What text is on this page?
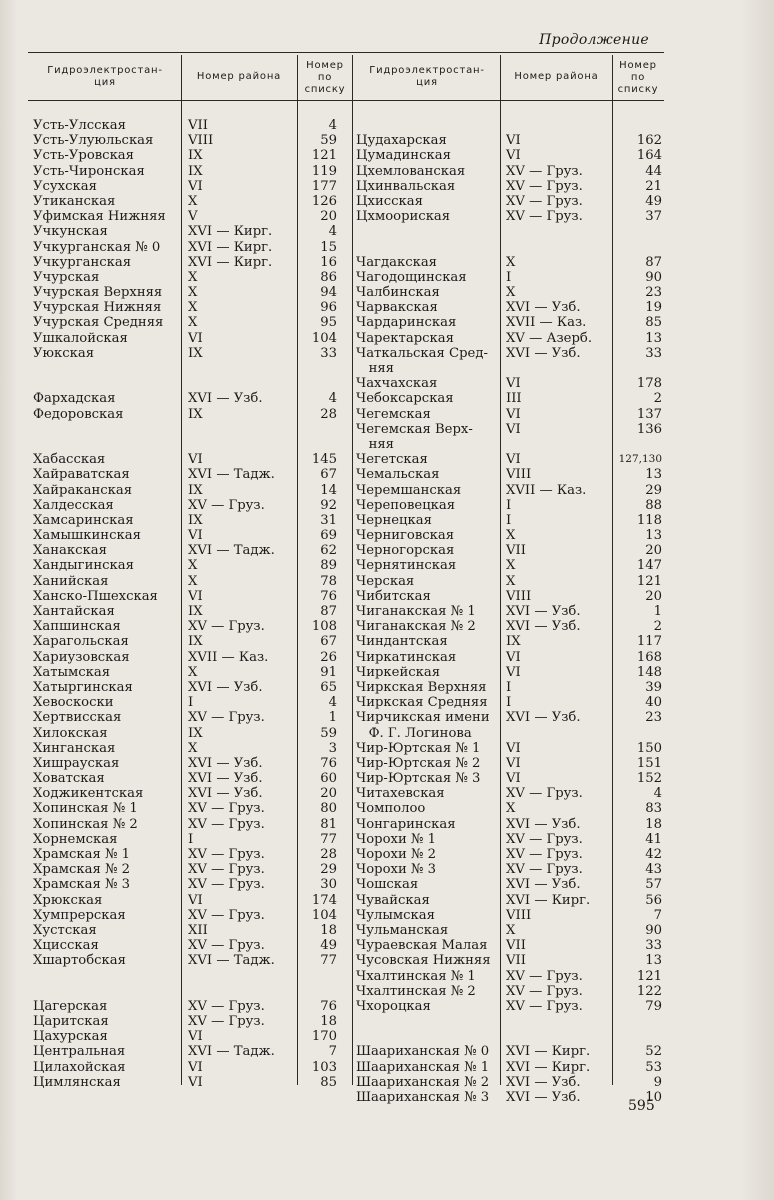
Продолжение
Гидроэлектростан-
ция
Номер района
Номер
по
списку
Гидроэлектростан-
ция
Номер района
Номер
по
списку
Усть-Улсская	VII	4
Усть-Улуюльская	VIII	59
Усть-Уровская	IX	121
Усть-Чиронская	IX	119
Усухская	VI	177
Утиканская	X	126
Уфимская Нижняя V	20
Учкунская	XVI — Кирг.	4
Учкурганская № 0 XVI — Кирг.	15
Учкурганская	XVI — Кирг.	16
Учурская	X	86
Учурская Верхняя X	94
Учурская Нижняя X	96
Учурская Средняя X	95
Ушкалойская	VI	104
Уюкская	IX	33
Фархадская	XVI — Узб.	4
Федоровская	IX	28
Хабасская	VI	145
Хайраватская	XVI — Тадж.	67
Хайраканская	IX	14
Халдесская	XV — Груз.	92
Хамсаринская	IX	31
Хамышкинская	VI	69
Ханакская	XVI — Тадж.	62
Хандыгинская	X	89
Ханийская	X	78
Ханско-Пшехская VI	76
Хантайская	IX	87
Хапшинская	XV — Груз.	108
Харагольская	IX	67
Хариузовская	XVII — Каз.	26
Хатымская	X	91
Хатыргинская	XVI — Узб.	65
Хевоскоски	I	4
Хертвисская	XV — Груз.	1
Хилокская	IX	59
Хинганская	X	3
Хишрауская	XVI — Узб.	76
Ховатская	XVI — Узб.	60
Ходжикентская	XVI — Узб.	20
Хопинская № 1	XV — Груз.	80
Хопинская № 2	XV — Груз.	81
Хорнемская	I	77
Храмская № 1	XV — Груз.	28
Храмская № 2	XV — Груз.	29
Храмская № 3	XV — Груз.	30
Хрюкская	VI	174
Хумпрерская	XV — Груз.	104
Хустская	XII	18
Хцисская	XV — Груз.	49
Хшартобская	XVI — Тадж.	77
Цагерская	XV — Груз.	76
Царитская	XV — Груз.	18
Цахурская	VI	170
Центральная	XVI — Тадж.	7
Цилахойская	VI	103
Цимлянская	VI	85
Цудахарская	VI	162
Цумадинская	VI	164
Цхемлованская	XV — Груз.	44
Цхинвальская	XV — Груз.	21
Цхисская	XV — Груз.	49
Цхмоориская	XV — Груз.	37
Чагдакская	X	87
Чагодощинская	I	90
Чалбинская	X	23
Чарвакская	XVI — Узб.	19
Чардаринская	XVII — Каз.	85
Чаректарская	XV — Азерб.	13
Чаткальская Сред- XVI — Узб.	33
няя
Чахчахская	VI	178
Чебоксарская	III	2
Чегемская	VI	137
Чегемская Верх-	VI	136
няя
Чегетская	VI	127,130
Чемальская	VIII	13
Черемшанская	XVII — Каз.	29
Череповецкая	I	88
Чернецкая	I	118
Черниговская	X	13
Черногорская	VII	20
Чернятинская	X	147
Черская	X	121
Чибитская	VIII	20
Чиганакская № 1 XVI — Узб.	1
Чиганакская № 2 XVI — Узб.	2
Чиндантская	IX	117
Чиркатинская	VI	168
Чиркейская	VI	148
Чиркская Верхняя I	39
Чиркская Средняя I	40
Чирчикская имени XVI — Узб.	23
Ф. Г. Логинова
Чир-Юртская № 1 VI	150
Чир-Юртская № 2 VI	151
Чир-Юртская № 3 VI	152
Читахевская	XV — Груз.	4
Чомполоо	X	83
Чонгаринская	XVI — Узб.	18
Чорохи № 1	XV — Груз.	41
Чорохи № 2	XV — Груз.	42
Чорохи № 3	XV — Груз.	43
Чошская	XVI — Узб.	57
Чувайская	XVI — Кирг.	56
Чулымская	VIII	7
Чульманская	X	90
Чураевская Малая VII	33
Чусовская Нижняя VII	13
Чхалтинская № 1 XV — Груз.	121
Чхалтинская № 2 XV — Груз.	122
Чхороцкая	XV — Груз.	79
Шаариханская № 0 XVI — Кирг.	52
Шаариханская № 1 XVI — Кирг.	53
Шаариханская № 2 XVI — Узб.	9
Шаариханская № 3 XVI — Узб.	10
595
